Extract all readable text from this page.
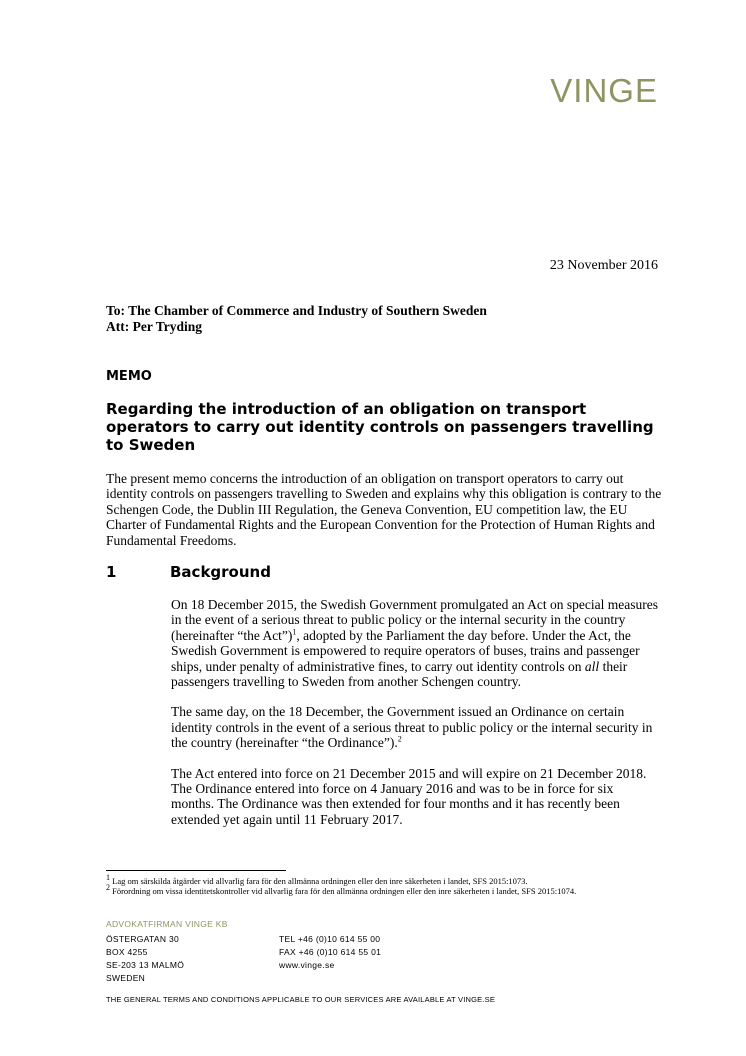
VINGE
23 November 2016
To: The Chamber of Commerce and Industry of Southern Sweden
Att: Per Tryding
MEMO
Regarding the introduction of an obligation on transport operators to carry out identity controls on passengers travelling to Sweden

The present memo concerns the introduction of an obligation on transport operators to carry out identity controls on passengers travelling to Sweden and explains why this obligation is contrary to the Schengen Code, the Dublin III Regulation, the Geneva Convention, EU competition law, the EU Charter of Fundamental Rights and the European Convention for the Protection of Human Rights and Fundamental Freedoms.

1	Background

On 18 December 2015, the Swedish Government promulgated an Act on special measures in the event of a serious threat to public policy or the internal security in the country (hereinafter “the Act”)$^1$, adopted by the Parliament the day before. Under the Act, the Swedish Government is empowered to require operators of buses, trains and passenger ships, under penalty of administrative fines, to carry out identity controls on all their passengers travelling to Sweden from another Schengen country.

The same day, on the 18 December, the Government issued an Ordinance on certain identity controls in the event of a serious threat to public policy or the internal security in the country (hereinafter “the Ordinance”).$^2$

The Act entered into force on 21 December 2015 and will expire on 21 December 2018. The Ordinance entered into force on 4 January 2016 and was to be in force for six months. The Ordinance was then extended for four months and it has recently been extended yet again until 11 February 2017.

$^1$ Lag om särskilda åtgärder vid allvarlig fara för den allmänna ordningen eller den inre säkerheten i landet, SFS 2015:1073.
$^2$ Förordning om vissa identitetskontroller vid allvarlig fara för den allmänna ordningen eller den inre säkerheten i landet, SFS 2015:1074.
ADVOKATFIRMAN VINGE KB
ÖSTERGATAN 30
BOX 4255
SE-203 13 MALMÖ
SWEDEN
TEL +46 (0)10 614 55 00
FAX +46 (0)10 614 55 01
www.vinge.se
THE GENERAL TERMS AND CONDITIONS APPLICABLE TO OUR SERVICES ARE AVAILABLE AT VINGE.SE
